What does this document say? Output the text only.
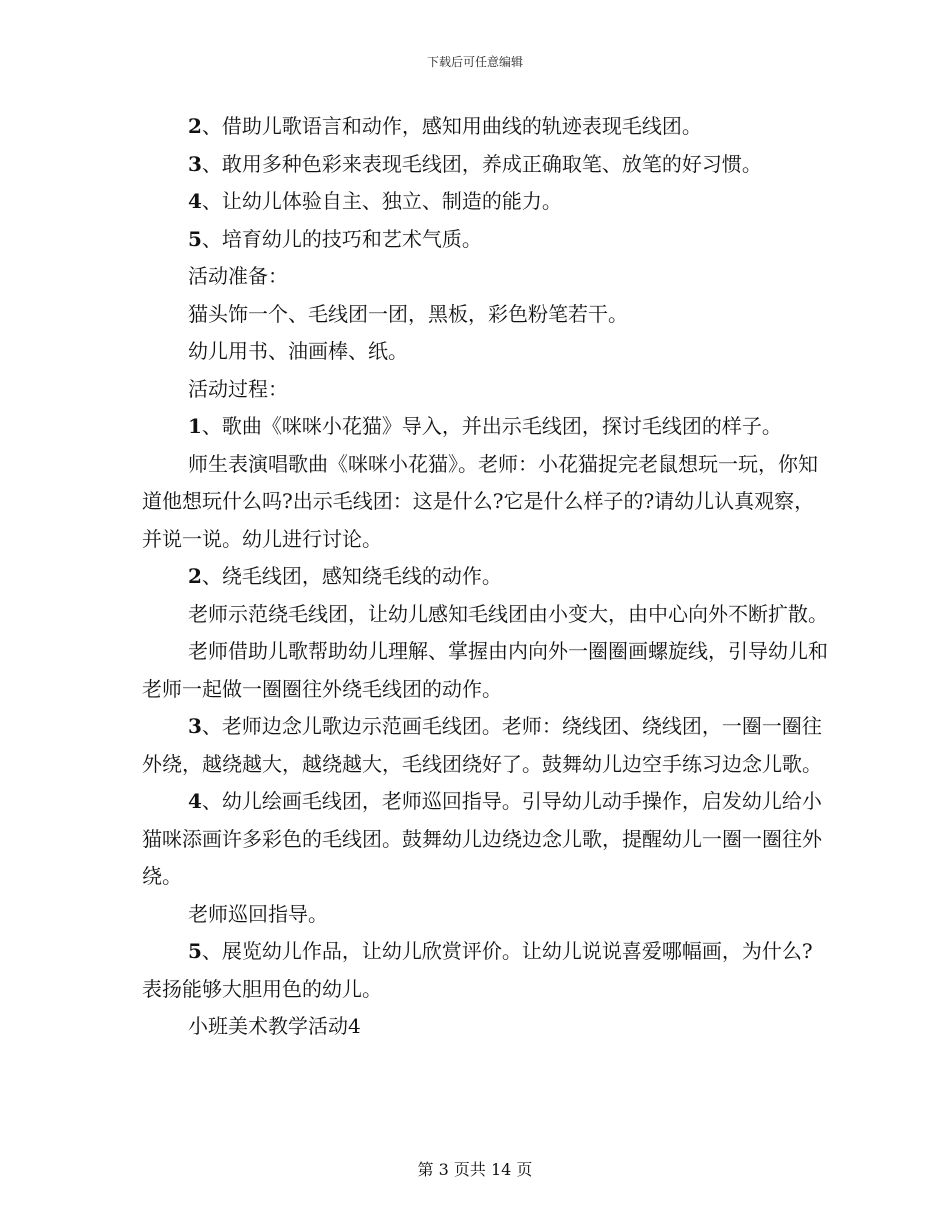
下载后可任意编辑

2、借助儿歌语言和动作，感知用曲线的轨迹表现毛线团。

3、敢用多种色彩来表现毛线团，养成正确取笔、放笔的好习惯。

4、让幼儿体验自主、独立、制造的能力。

5、培育幼儿的技巧和艺术气质。

活动准备：

猫头饰一个、毛线团一团，黑板，彩色粉笔若干。

幼儿用书、油画棒、纸。

活动过程：

1、歌曲《咪咪小花猫》导入，并出示毛线团，探讨毛线团的样子。

师生表演唱歌曲《咪咪小花猫》。老师：小花猫捉完老鼠想玩一玩，你知道他想玩什么吗?出示毛线团：这是什么?它是什么样子的?请幼儿认真观察，并说一说。幼儿进行讨论。

2、绕毛线团，感知绕毛线的动作。

老师示范绕毛线团，让幼儿感知毛线团由小变大，由中心向外不断扩散。

老师借助儿歌帮助幼儿理解、掌握由内向外一圈圈画螺旋线，引导幼儿和老师一起做一圈圈往外绕毛线团的动作。

3、老师边念儿歌边示范画毛线团。老师：绕线团、绕线团，一圈一圈往外绕，越绕越大，越绕越大，毛线团绕好了。鼓舞幼儿边空手练习边念儿歌。

4、幼儿绘画毛线团，老师巡回指导。引导幼儿动手操作，启发幼儿给小猫咪添画许多彩色的毛线团。鼓舞幼儿边绕边念儿歌，提醒幼儿一圈一圈往外绕。

老师巡回指导。

5、展览幼儿作品，让幼儿欣赏评价。让幼儿说说喜爱哪幅画，为什么?表扬能够大胆用色的幼儿。

小班美术教学活动4

第 3 页共 14 页
